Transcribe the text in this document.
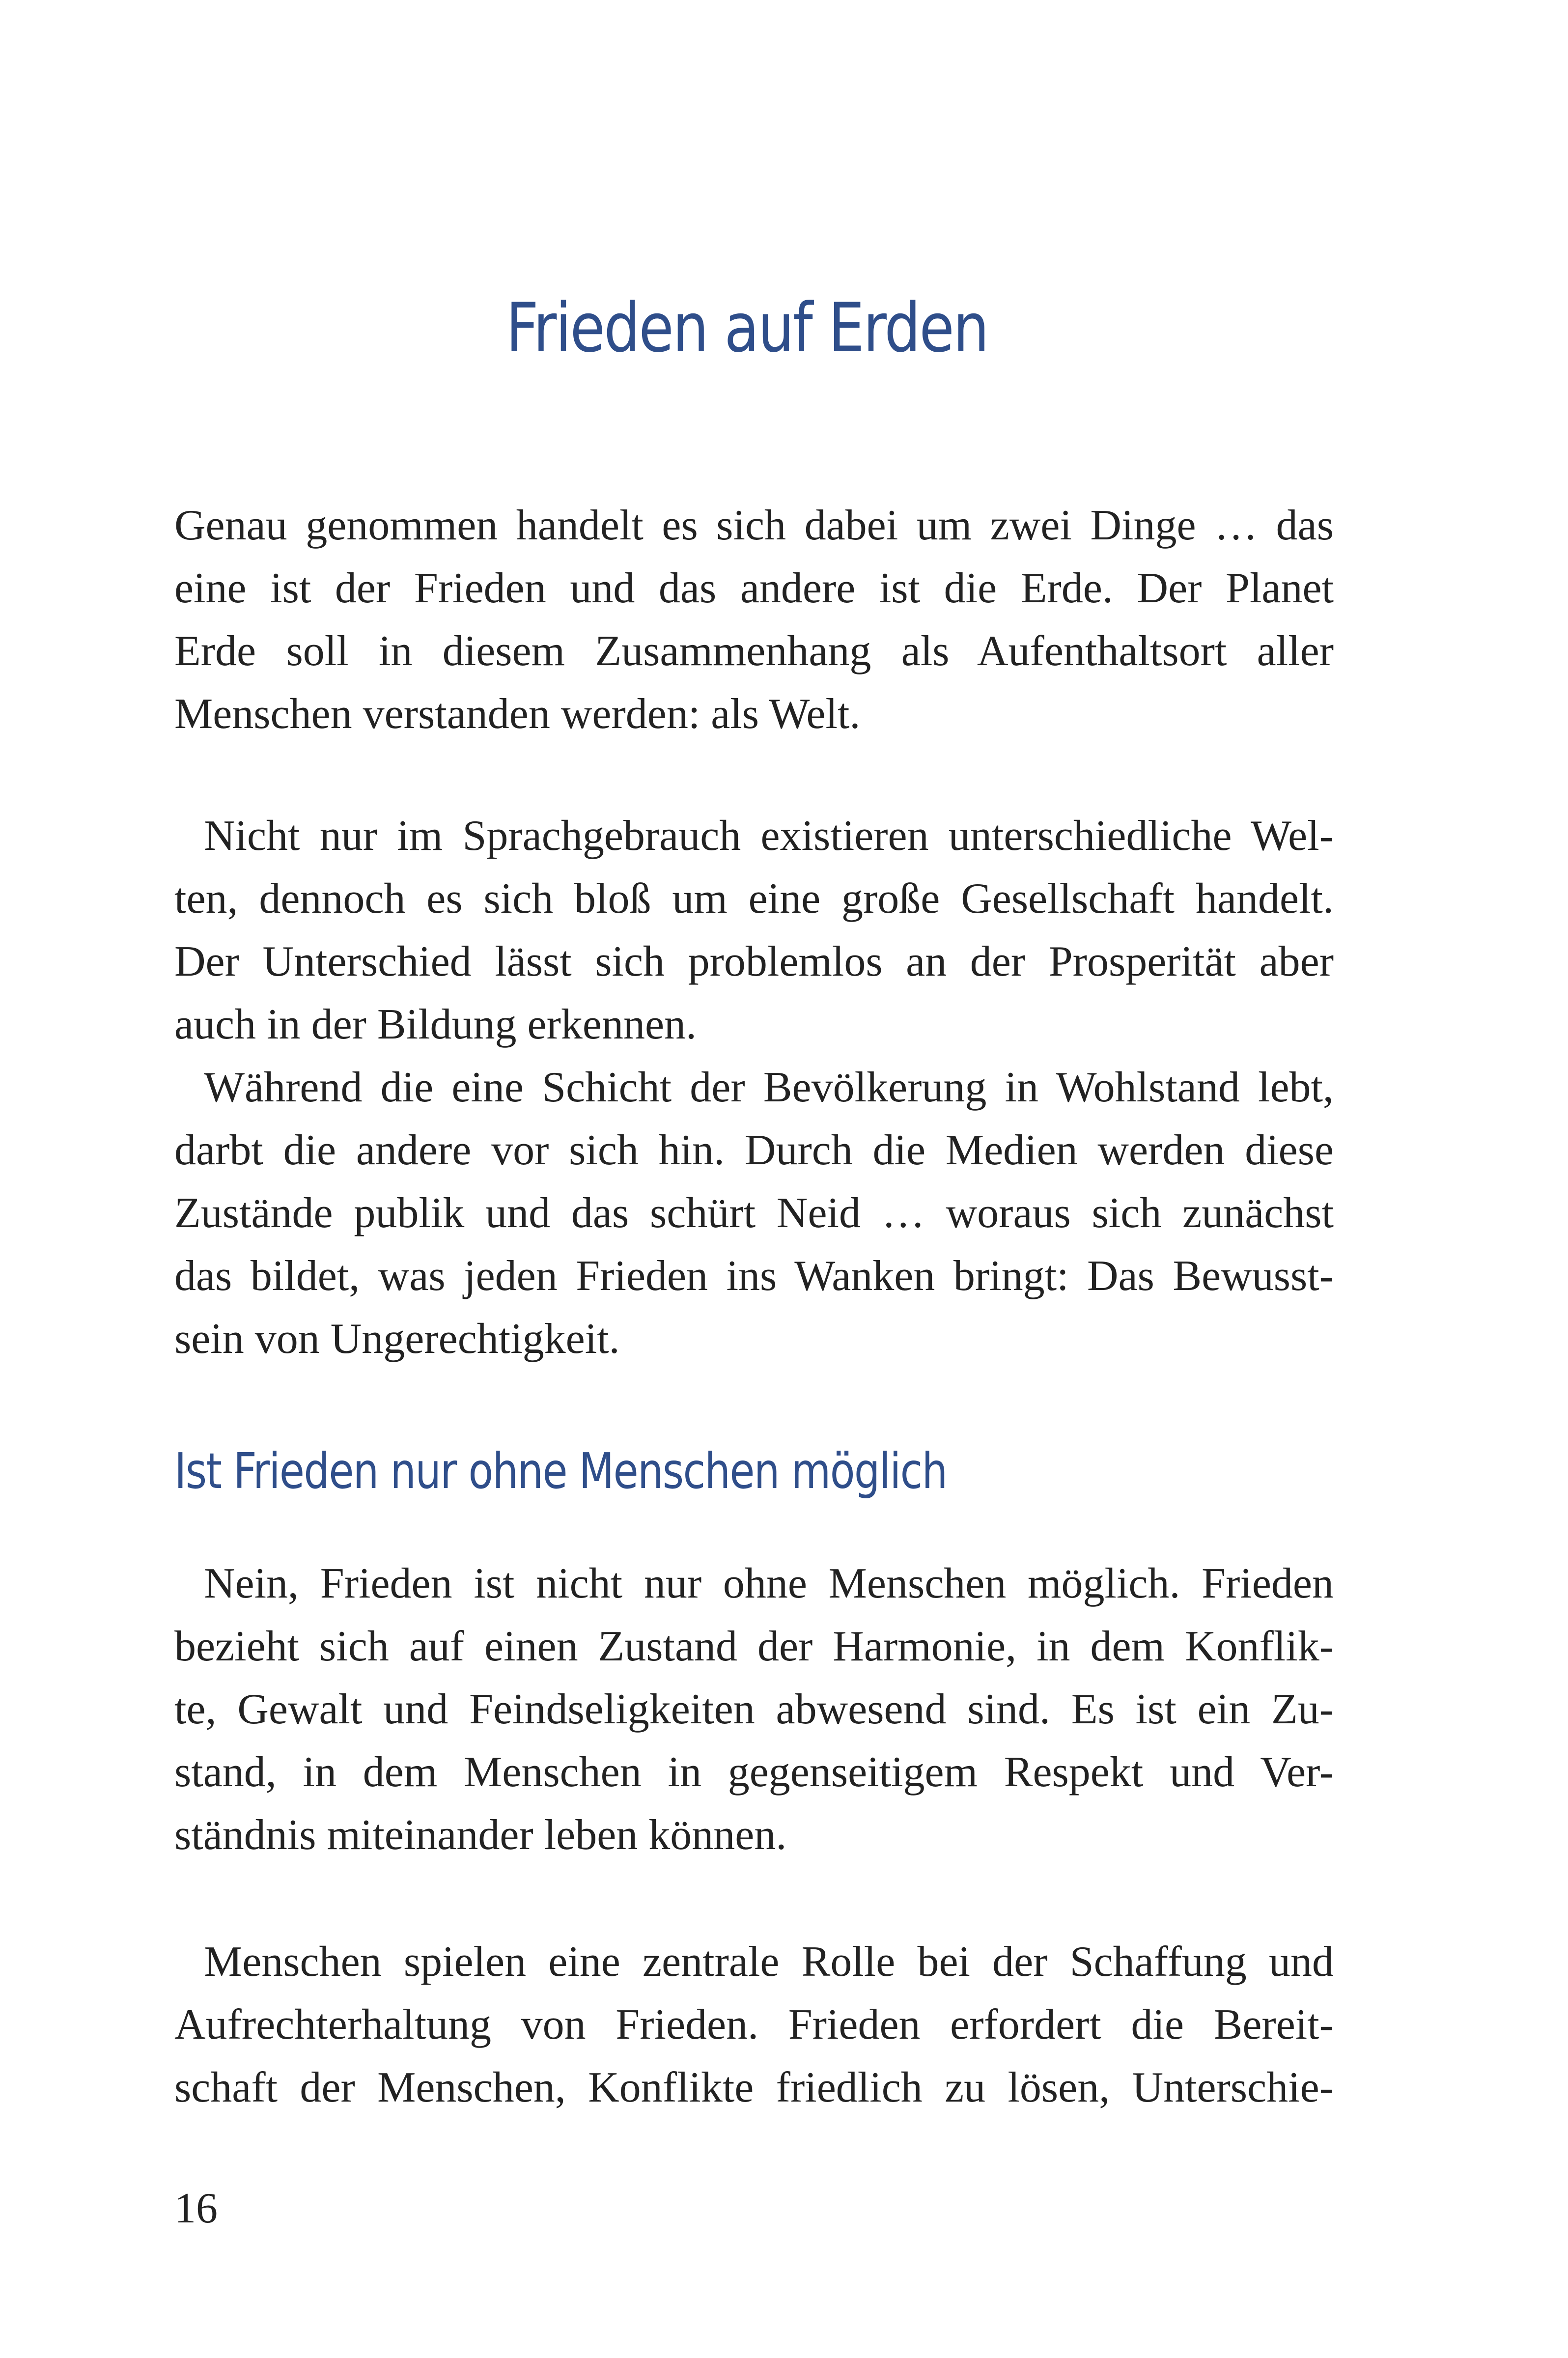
Frieden auf Erden
Genau genommen handelt es sich dabei um zwei Dinge … das
eine ist der Frieden und das andere ist die Erde. Der Planet
Erde soll in diesem Zusammenhang als Aufenthaltsort aller
Menschen verstanden werden: als Welt.
Nicht nur im Sprachgebrauch existieren unterschiedliche Wel-
ten, dennoch es sich bloß um eine große Gesellschaft handelt.
Der Unterschied lässt sich problemlos an der Prosperität aber
auch in der Bildung erkennen.
Während die eine Schicht der Bevölkerung in Wohlstand lebt,
darbt die andere vor sich hin. Durch die Medien werden diese
Zustände publik und das schürt Neid … woraus sich zunächst
das bildet, was jeden Frieden ins Wanken bringt: Das Bewusst-
sein von Ungerechtigkeit.
Ist Frieden nur ohne Menschen möglich
Nein, Frieden ist nicht nur ohne Menschen möglich. Frieden
bezieht sich auf einen Zustand der Harmonie, in dem Konflik-
te, Gewalt und Feindseligkeiten abwesend sind. Es ist ein Zu-
stand, in dem Menschen in gegenseitigem Respekt und Ver-
ständnis miteinander leben können.
Menschen spielen eine zentrale Rolle bei der Schaffung und
Aufrechterhaltung von Frieden. Frieden erfordert die Bereit-
schaft der Menschen, Konflikte friedlich zu lösen, Unterschie-
16
